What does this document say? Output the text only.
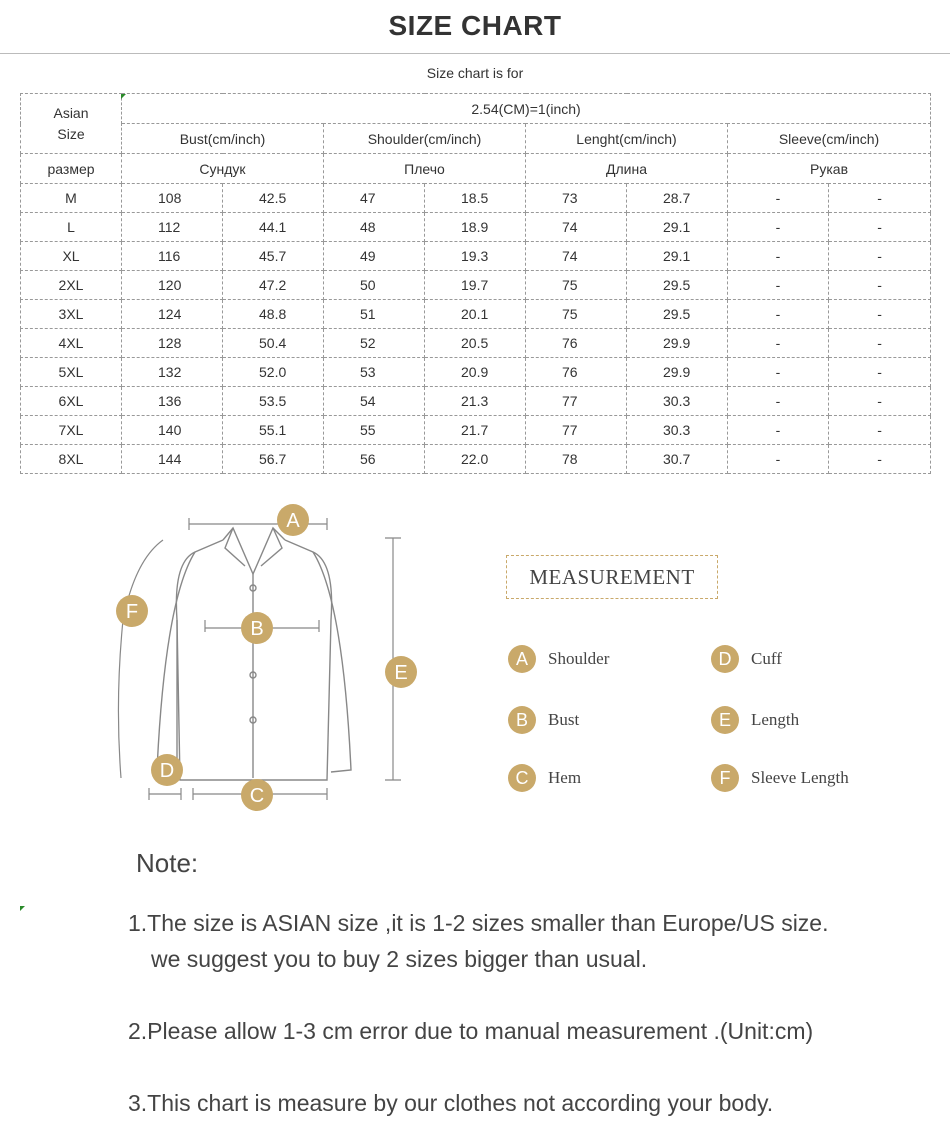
SIZE CHART
Size chart is for
Asian Size	2.54(CM)=1(inch)							
	Bust(cm/inch)		Shoulder(cm/inch)		Lenght(cm/inch)		Sleeve(cm/inch)	
размер	Сундук		Плечо		Длина		Рукав	
M	108	42.5	47	18.5	73	28.7	-	-
L	112	44.1	48	18.9	74	29.1	-	-
XL	116	45.7	49	19.3	74	29.1	-	-
2XL	120	47.2	50	19.7	75	29.5	-	-
3XL	124	48.8	51	20.1	75	29.5	-	-
4XL	128	50.4	52	20.5	76	29.9	-	-
5XL	132	52.0	53	20.9	76	29.9	-	-
6XL	136	53.5	54	21.3	77	30.3	-	-
7XL	140	55.1	55	21.7	77	30.3	-	-
8XL	144	56.7	56	22.0	78	30.7	-	-
A
B
C
D
E
F
MEASUREMENT
A	Shoulder
B	Bust
C	Hem
D	Cuff
E	Length
F	Sleeve Length
Note:
1.The size is ASIAN size ,it is 1-2 sizes smaller than Europe/US size.
we suggest you to buy 2 sizes bigger than usual.
2.Please allow 1-3 cm error due to manual measurement .(Unit:cm)
3.This chart is measure by our clothes not according your body.
